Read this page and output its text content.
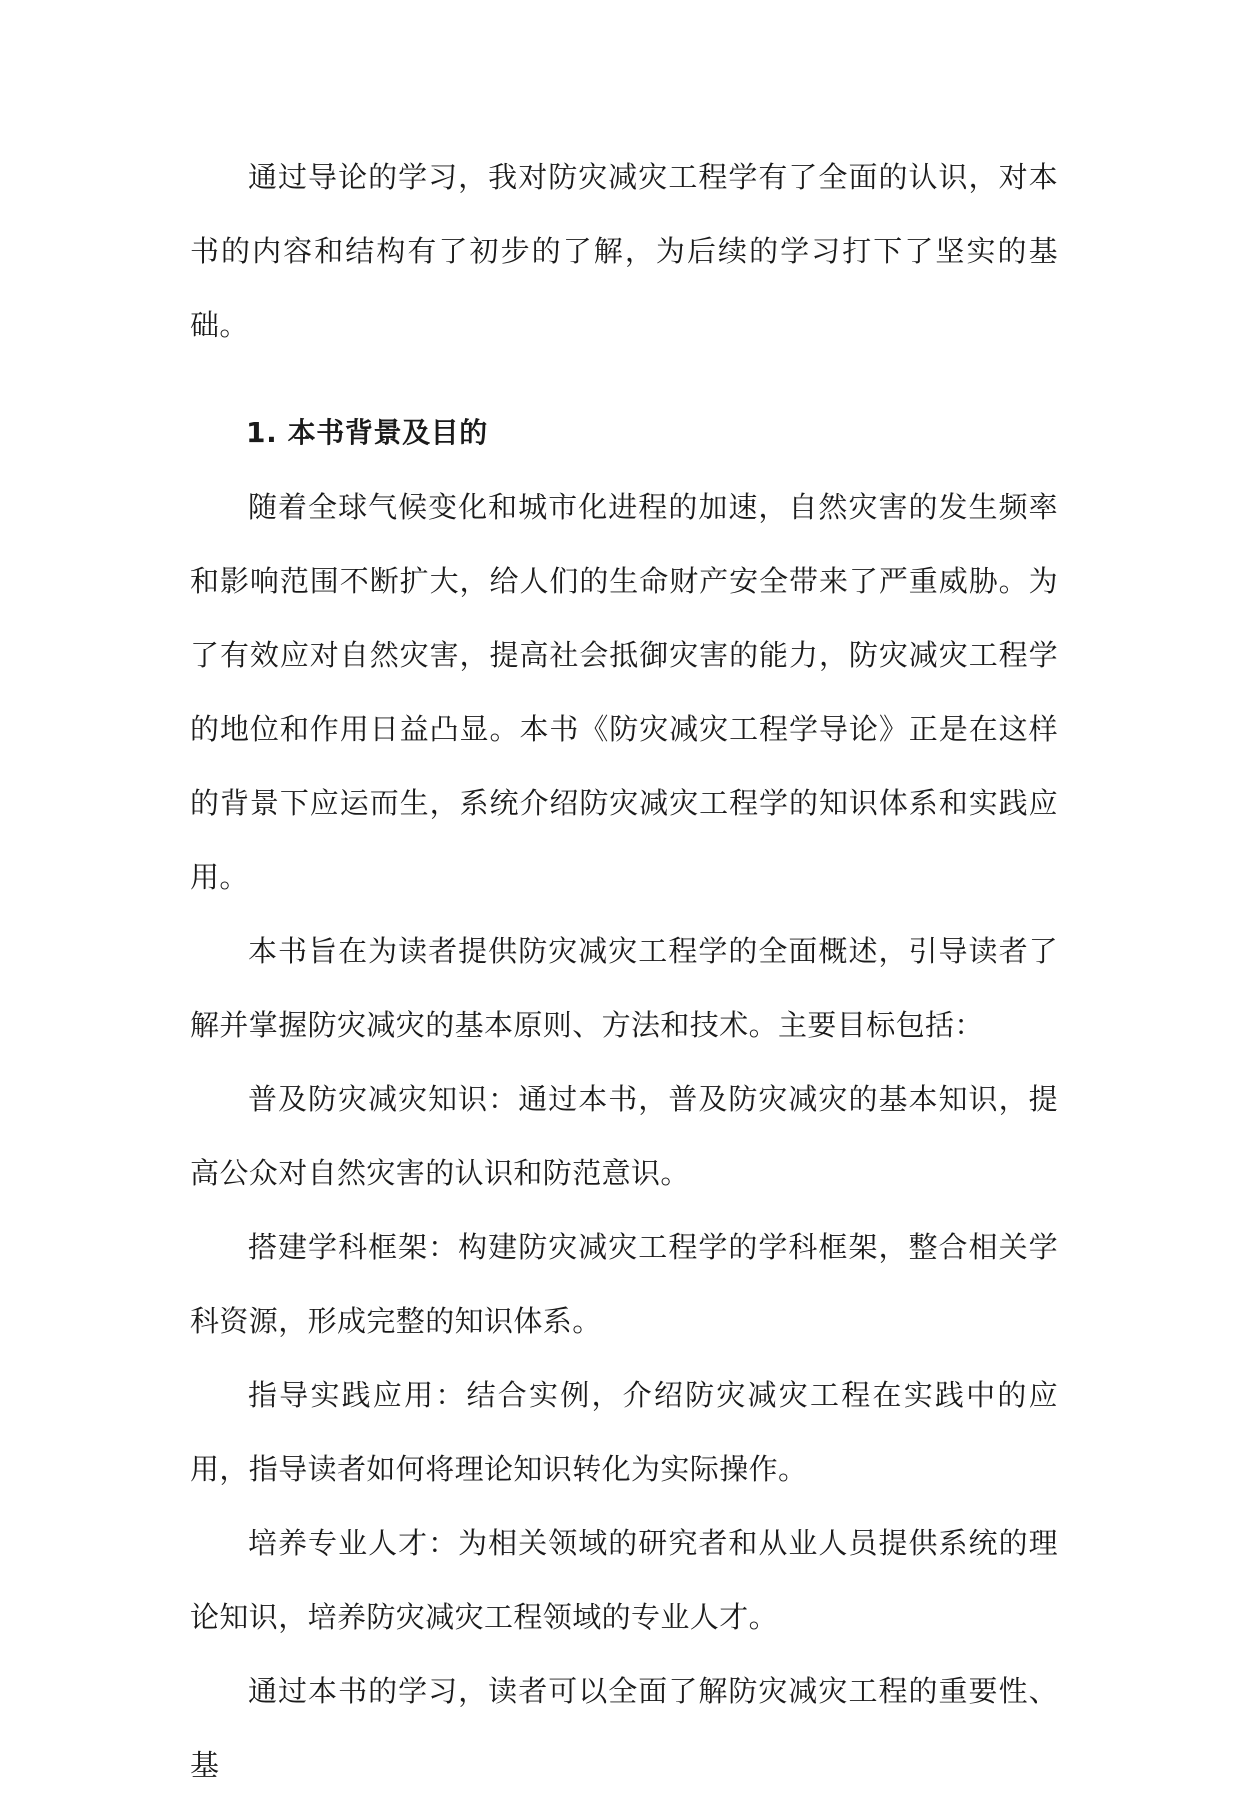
通过导论的学习，我对防灾减灾工程学有了全面的认识，对本书的内容和结构有了初步的了解，为后续的学习打下了坚实的基础。

1. 本书背景及目的

随着全球气候变化和城市化进程的加速，自然灾害的发生频率和影响范围不断扩大，给人们的生命财产安全带来了严重威胁。为了有效应对自然灾害，提高社会抵御灾害的能力，防灾减灾工程学的地位和作用日益凸显。本书《防灾减灾工程学导论》正是在这样的背景下应运而生，系统介绍防灾减灾工程学的知识体系和实践应用。

本书旨在为读者提供防灾减灾工程学的全面概述，引导读者了解并掌握防灾减灾的基本原则、方法和技术。主要目标包括：

普及防灾减灾知识：通过本书，普及防灾减灾的基本知识，提高公众对自然灾害的认识和防范意识。

搭建学科框架：构建防灾减灾工程学的学科框架，整合相关学科资源，形成完整的知识体系。

指导实践应用：结合实例，介绍防灾减灾工程在实践中的应用，指导读者如何将理论知识转化为实际操作。

培养专业人才：为相关领域的研究者和从业人员提供系统的理论知识，培养防灾减灾工程领域的专业人才。

通过本书的学习，读者可以全面了解防灾减灾工程的重要性、基
